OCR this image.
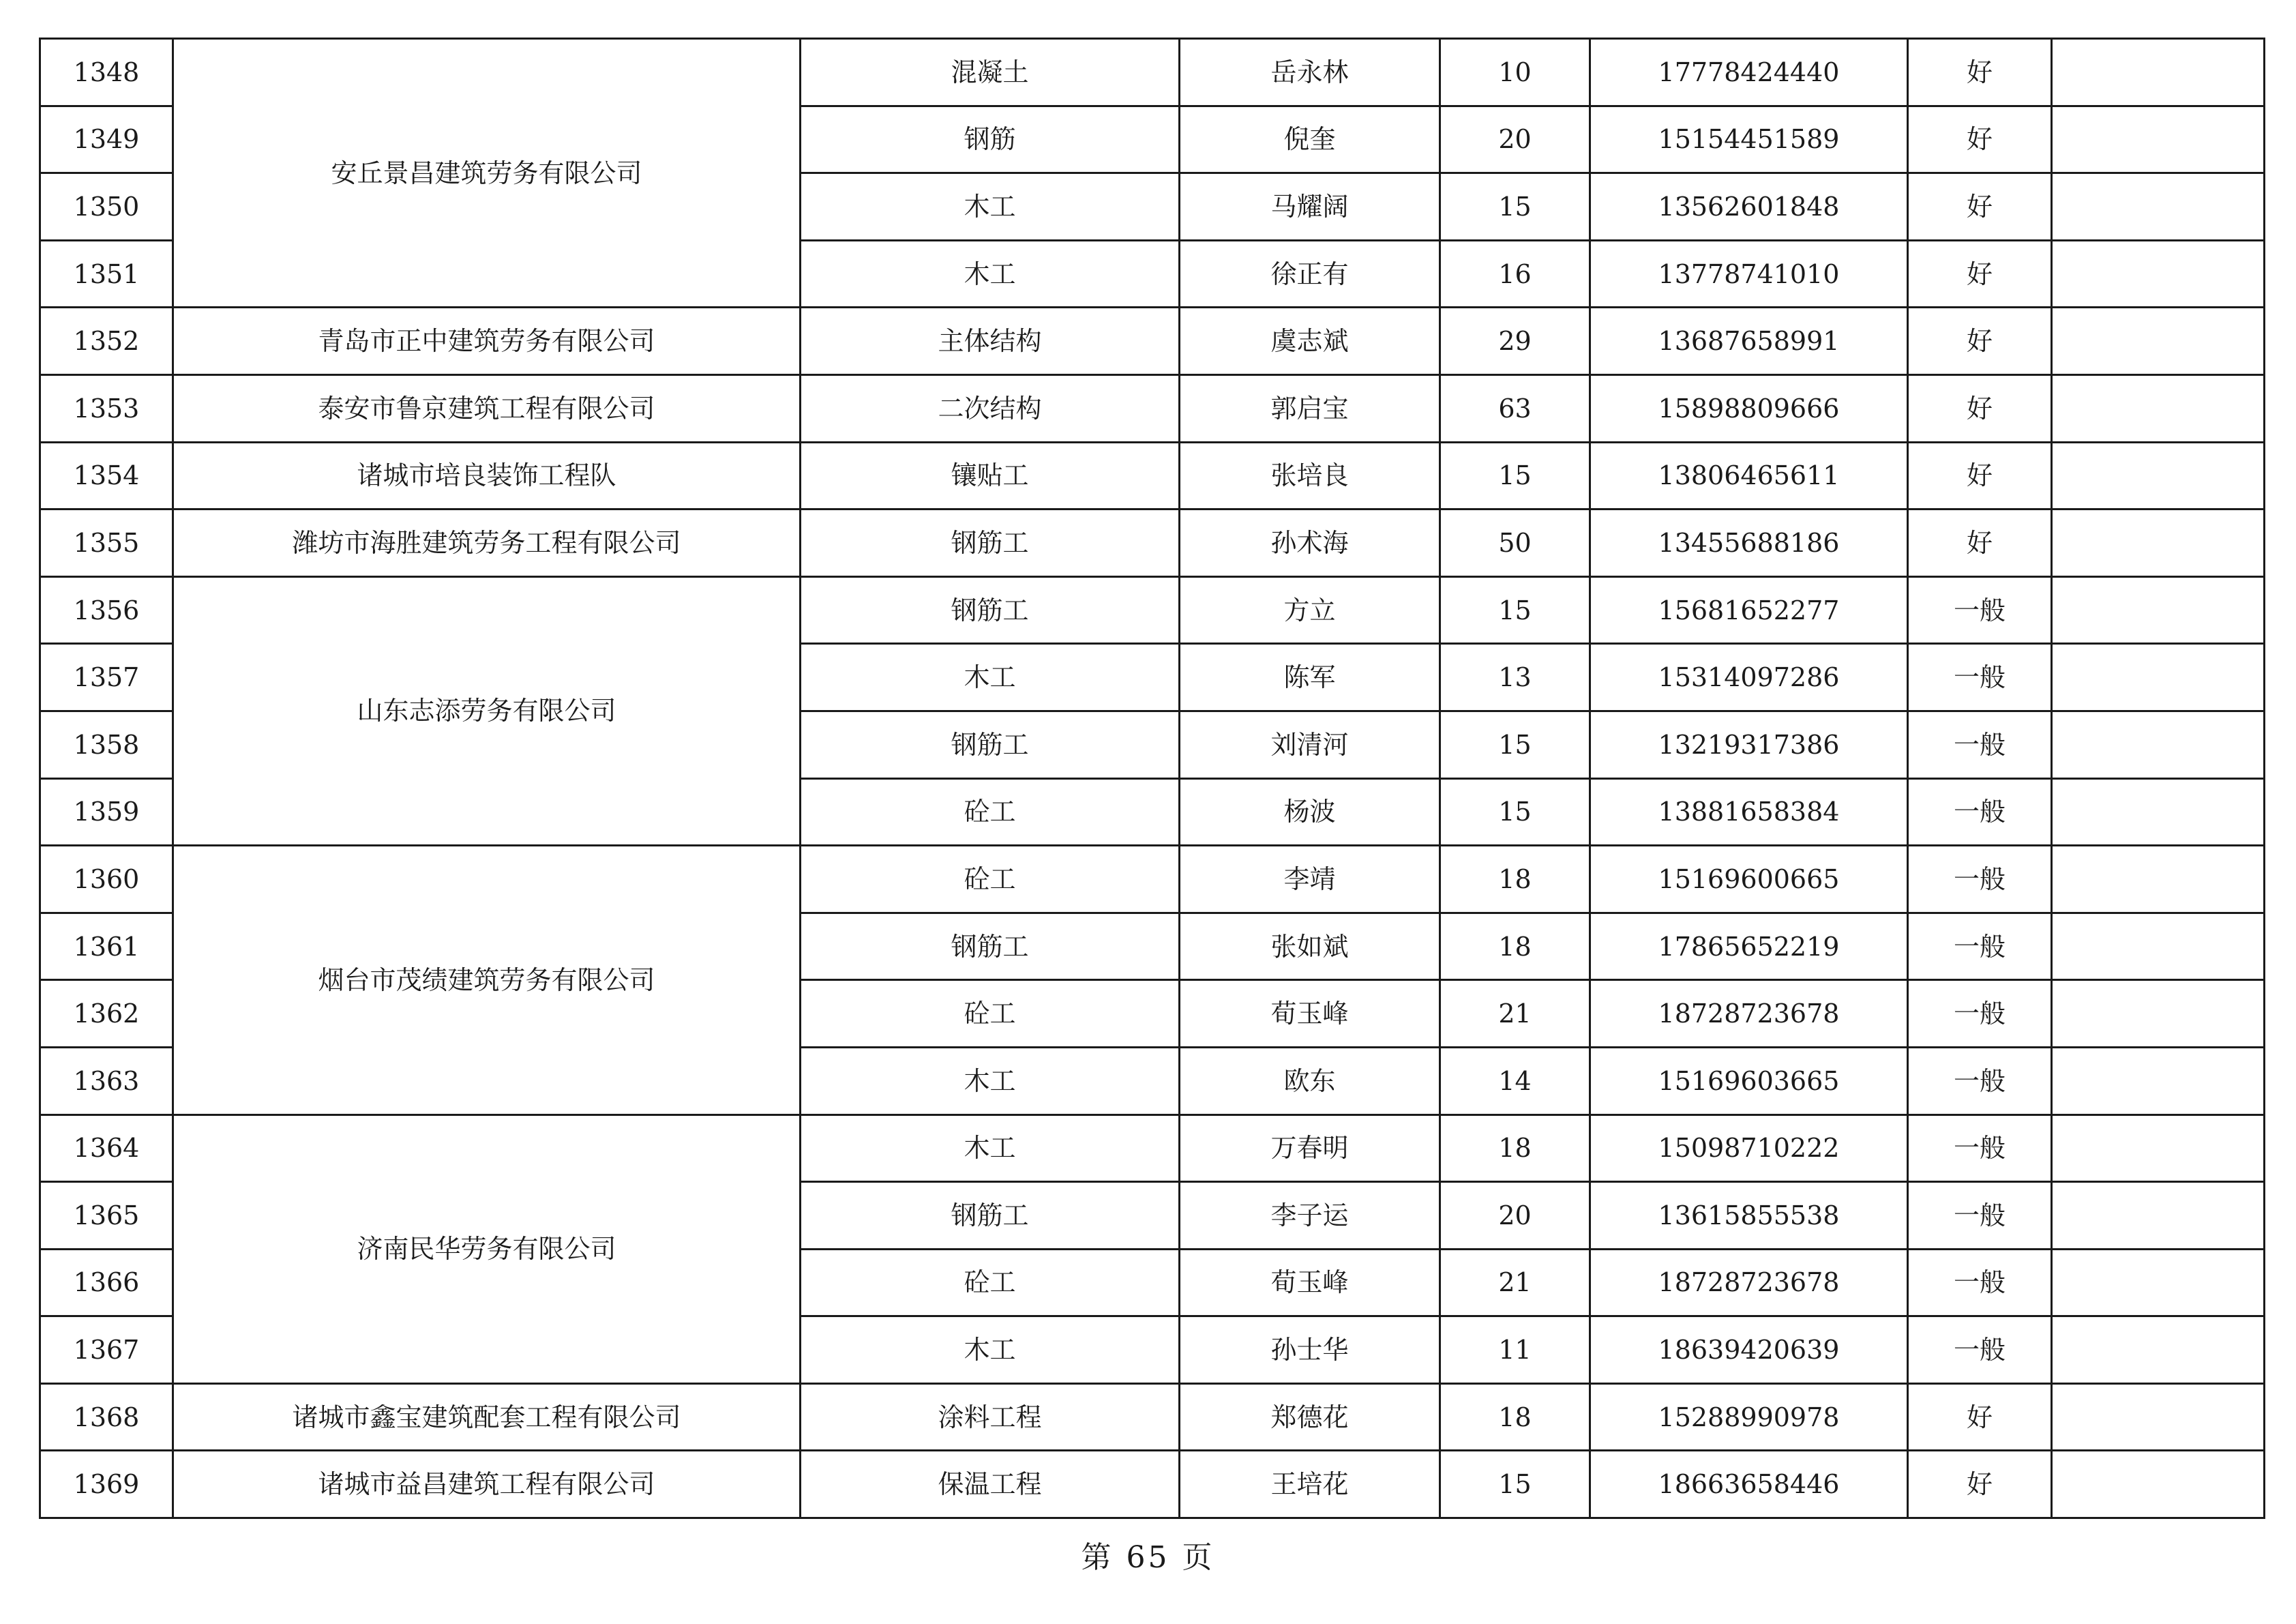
1348	安丘景昌建筑劳务有限公司	混凝土	岳永林	10	17778424440	好	
1349		钢筋	倪奎	20	15154451589	好	
1350		木工	马耀阔	15	13562601848	好	
1351		木工	徐正有	16	13778741010	好	
1352	青岛市正中建筑劳务有限公司	主体结构	虞志斌	29	13687658991	好	
1353	泰安市鲁京建筑工程有限公司	二次结构	郭启宝	63	15898809666	好	
1354	诸城市培良装饰工程队	镶贴工	张培良	15	13806465611	好	
1355	潍坊市海胜建筑劳务工程有限公司	钢筋工	孙术海	50	13455688186	好	
1356	山东志添劳务有限公司	钢筋工	方立	15	15681652277	一般	
1357		木工	陈军	13	15314097286	一般	
1358		钢筋工	刘清河	15	13219317386	一般	
1359		砼工	杨波	15	13881658384	一般	
1360	烟台市茂绩建筑劳务有限公司	砼工	李靖	18	15169600665	一般	
1361		钢筋工	张如斌	18	17865652219	一般	
1362		砼工	荀玉峰	21	18728723678	一般	
1363		木工	欧东	14	15169603665	一般	
1364	济南民华劳务有限公司	木工	万春明	18	15098710222	一般	
1365		钢筋工	李子运	20	13615855538	一般	
1366		砼工	荀玉峰	21	18728723678	一般	
1367		木工	孙士华	11	18639420639	一般	
1368	诸城市鑫宝建筑配套工程有限公司	涂料工程	郑德花	18	15288990978	好	
1369	诸城市益昌建筑工程有限公司	保温工程	王培花	15	18663658446	好	
第 65 页
